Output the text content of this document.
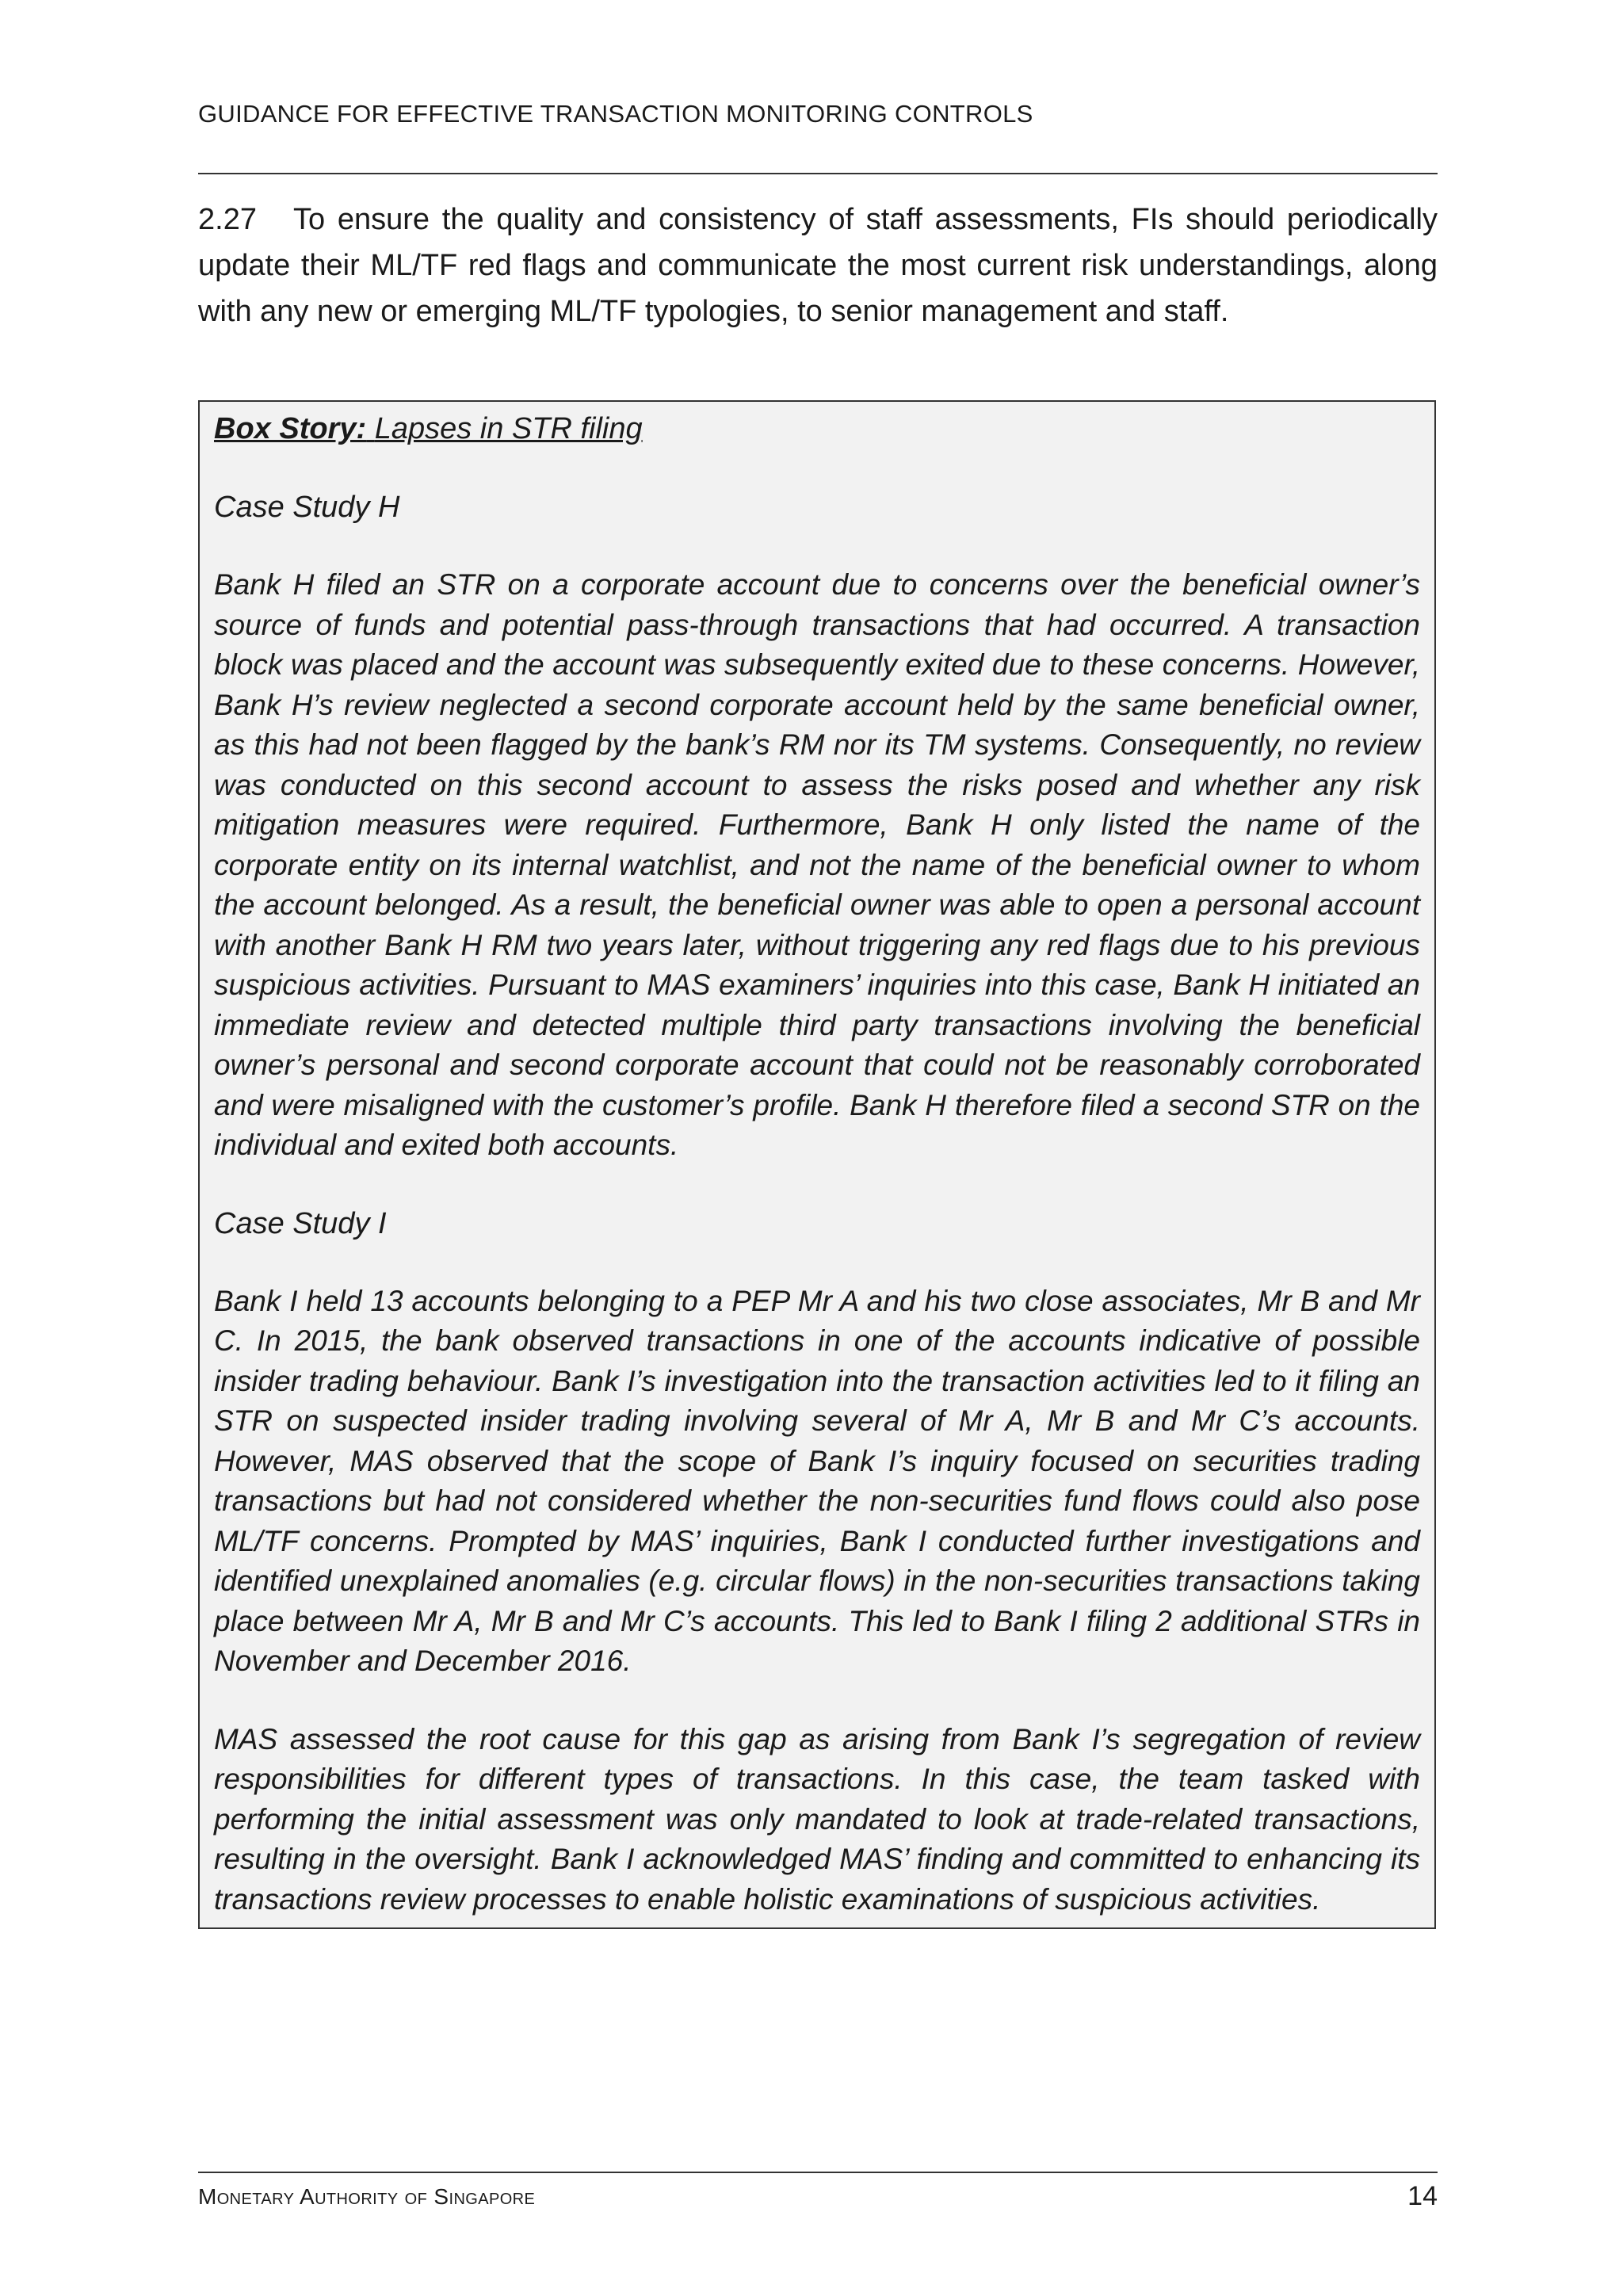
GUIDANCE FOR EFFECTIVE TRANSACTION MONITORING CONTROLS
2.27 To ensure the quality and consistency of staff assessments, FIs should periodically update their ML/TF red flags and communicate the most current risk understandings, along with any new or emerging ML/TF typologies, to senior management and staff.

Box Story: Lapses in STR filing

Case Study H

Bank H filed an STR on a corporate account due to concerns over the beneficial owner’s source of funds and potential pass-through transactions that had occurred. A transaction block was placed and the account was subsequently exited due to these concerns. However, Bank H’s review neglected a second corporate account held by the same beneficial owner, as this had not been flagged by the bank’s RM nor its TM systems. Consequently, no review was conducted on this second account to assess the risks posed and whether any risk mitigation measures were required. Furthermore, Bank H only listed the name of the corporate entity on its internal watchlist, and not the name of the beneficial owner to whom the account belonged. As a result, the beneficial owner was able to open a personal account with another Bank H RM two years later, without triggering any red flags due to his previous suspicious activities. Pursuant to MAS examiners’ inquiries into this case, Bank H initiated an immediate review and detected multiple third party transactions involving the beneficial owner’s personal and second corporate account that could not be reasonably corroborated and were misaligned with the customer’s profile. Bank H therefore filed a second STR on the individual and exited both accounts.

Case Study I

Bank I held 13 accounts belonging to a PEP Mr A and his two close associates, Mr B and Mr C. In 2015, the bank observed transactions in one of the accounts indicative of possible insider trading behaviour. Bank I’s investigation into the transaction activities led to it filing an STR on suspected insider trading involving several of Mr A, Mr B and Mr C’s accounts. However, MAS observed that the scope of Bank I’s inquiry focused on securities trading transactions but had not considered whether the non-securities fund flows could also pose ML/TF concerns. Prompted by MAS’ inquiries, Bank I conducted further investigations and identified unexplained anomalies (e.g. circular flows) in the non-securities transactions taking place between Mr A, Mr B and Mr C’s accounts. This led to Bank I filing 2 additional STRs in November and December 2016.

MAS assessed the root cause for this gap as arising from Bank I’s segregation of review responsibilities for different types of transactions. In this case, the team tasked with performing the initial assessment was only mandated to look at trade-related transactions, resulting in the oversight. Bank I acknowledged MAS’ finding and committed to enhancing its transactions review processes to enable holistic examinations of suspicious activities.

Monetary Authority of Singapore	14
